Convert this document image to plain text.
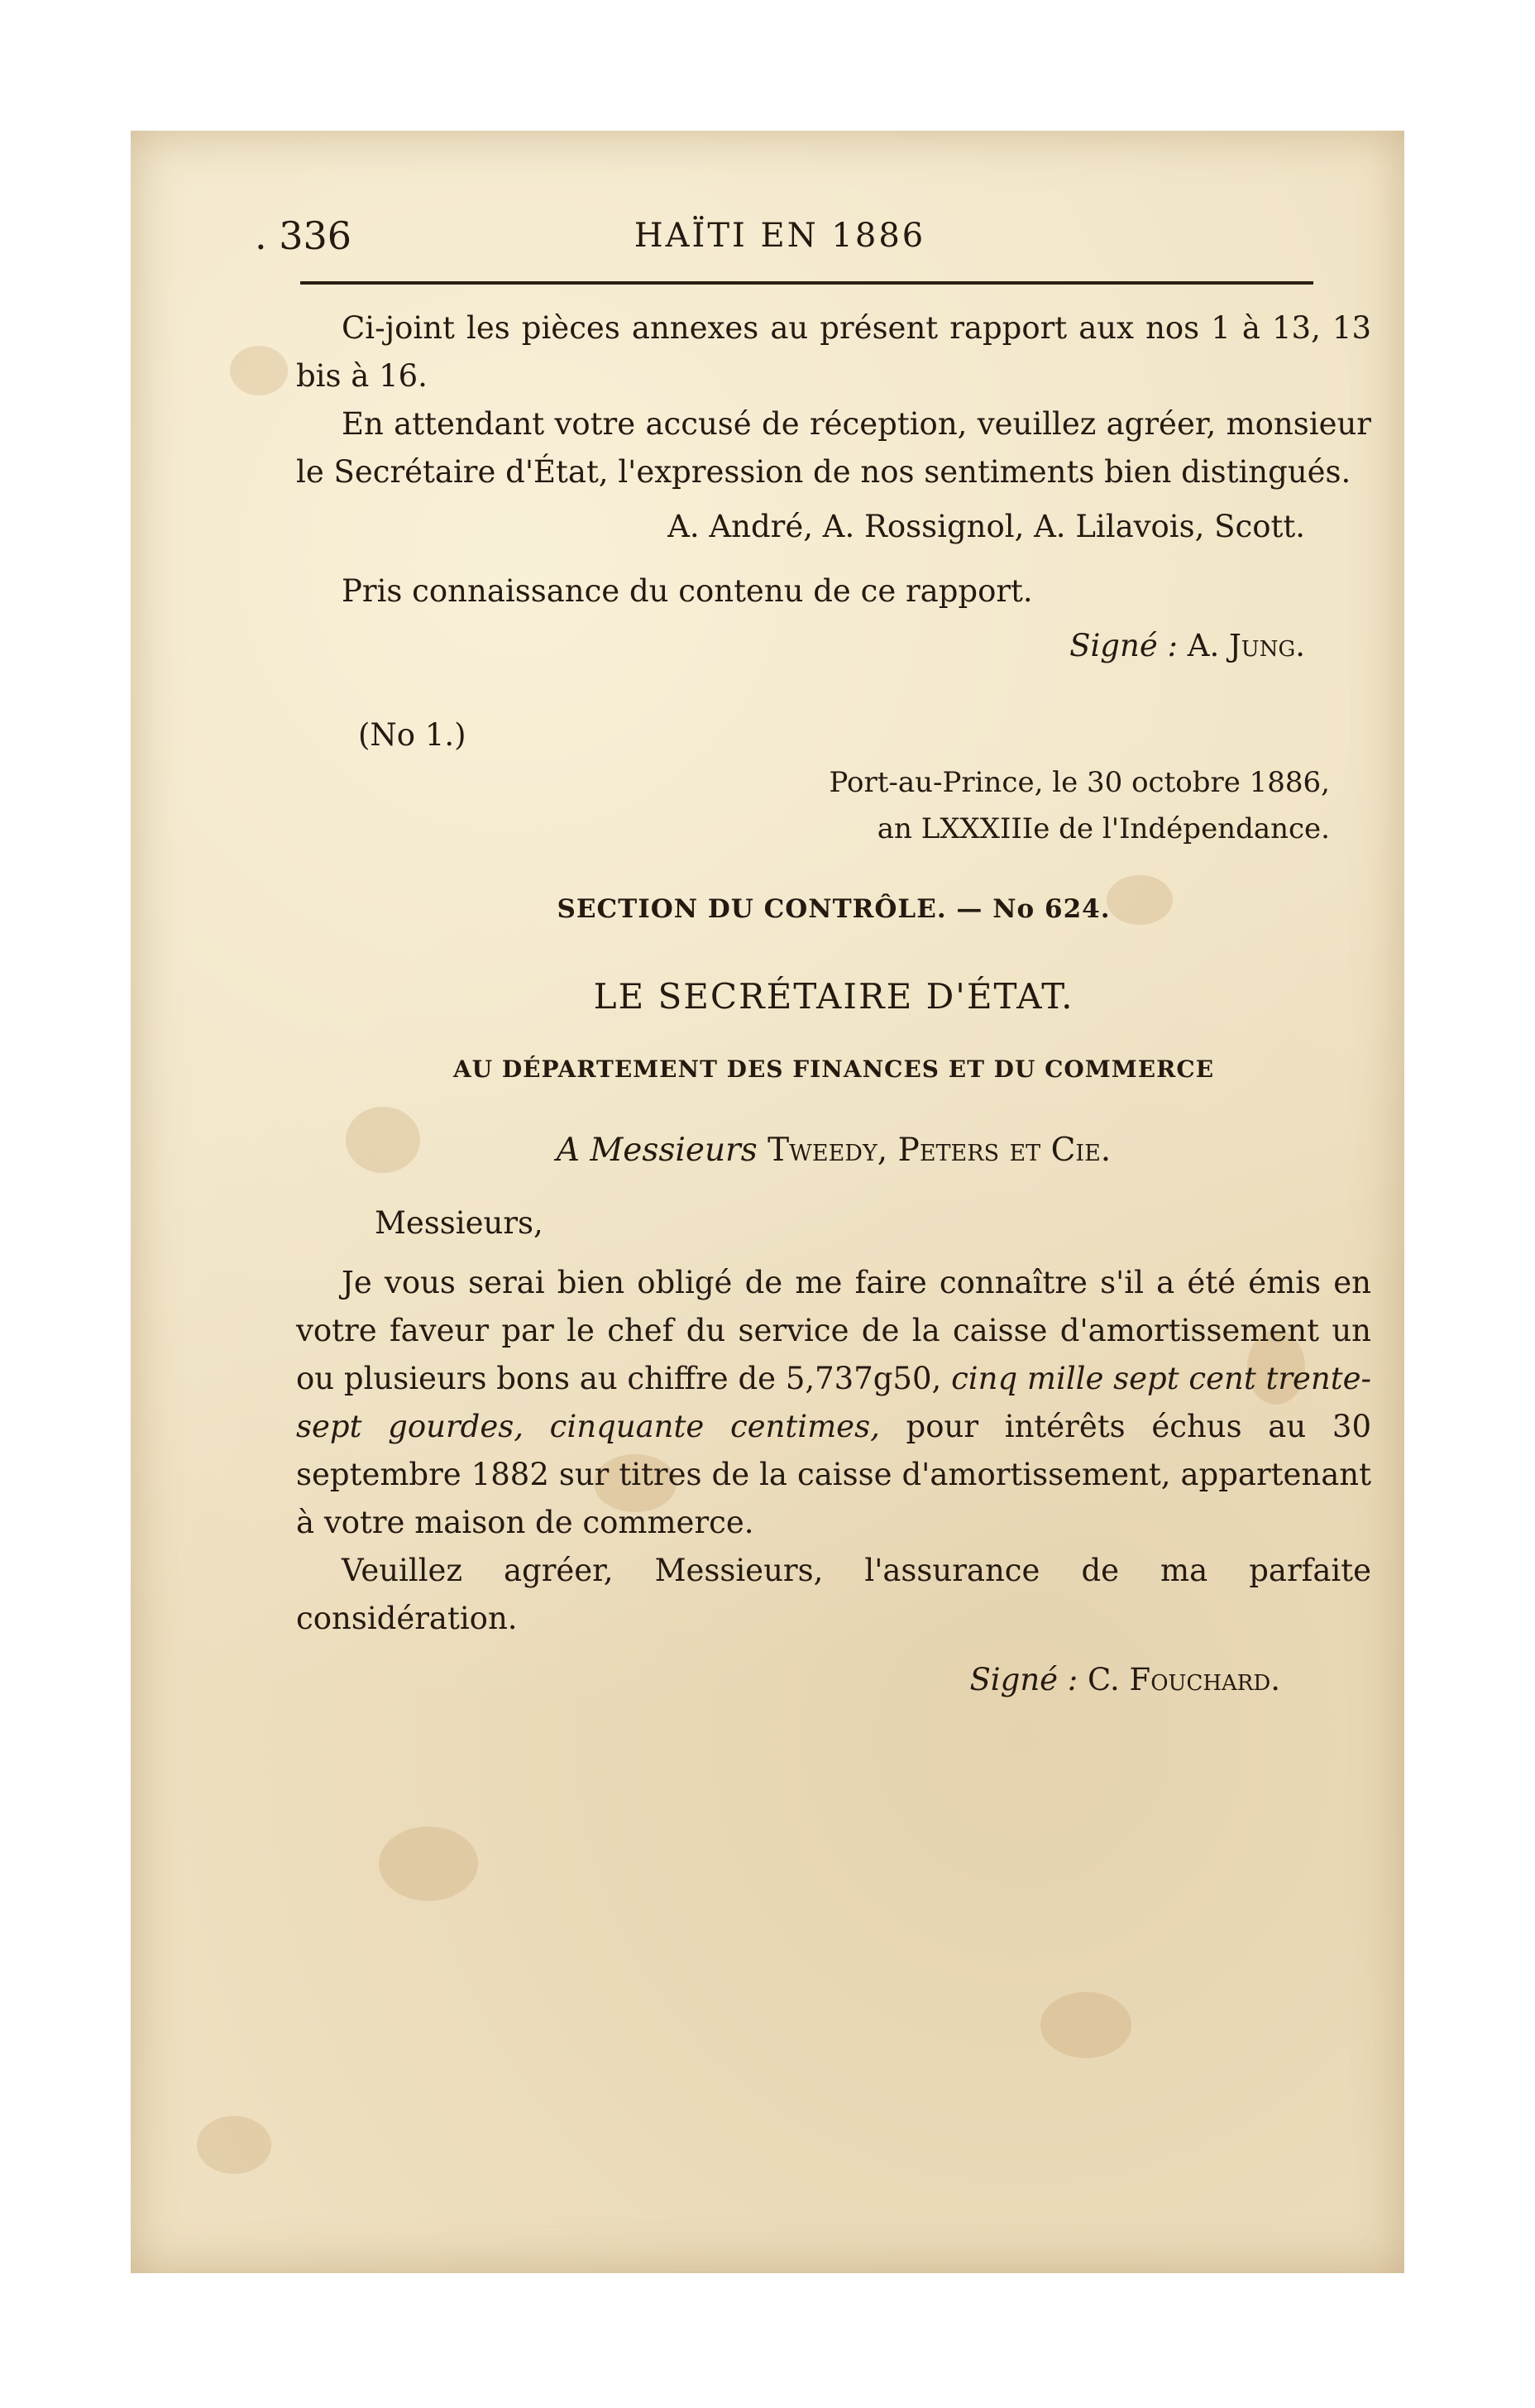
. 336	HAÏTI EN 1886

Ci-joint les pièces annexes au présent rapport aux nos 1 à 13, 13 bis à 16.

En attendant votre accusé de réception, veuillez agréer, monsieur le Secrétaire d'État, l'expression de nos sentiments bien distingués.

A. André, A. Rossignol, A. Lilavois, Scott.

Pris connaissance du contenu de ce rapport.

Signé : A. Jung.

(No 1.)

Port-au-Prince, le 30 octobre 1886,

an LXXXIIIe de l'Indépendance.

SECTION DU CONTRÔLE. — No 624.

LE SECRÉTAIRE D'ÉTAT.

AU DÉPARTEMENT DES FINANCES ET DU COMMERCE

A Messieurs Tweedy, Peters et Cie.

Messieurs,

Je vous serai bien obligé de me faire connaître s'il a été émis en votre faveur par le chef du service de la caisse d'amortissement un ou plusieurs bons au chiffre de 5,737g50, cinq mille sept cent trente-sept gourdes, cinquante centimes, pour intérêts échus au 30 septembre 1882 sur titres de la caisse d'amortissement, appartenant à votre maison de commerce.

Veuillez agréer, Messieurs, l'assurance de ma parfaite considération.

Signé : C. Fouchard.
